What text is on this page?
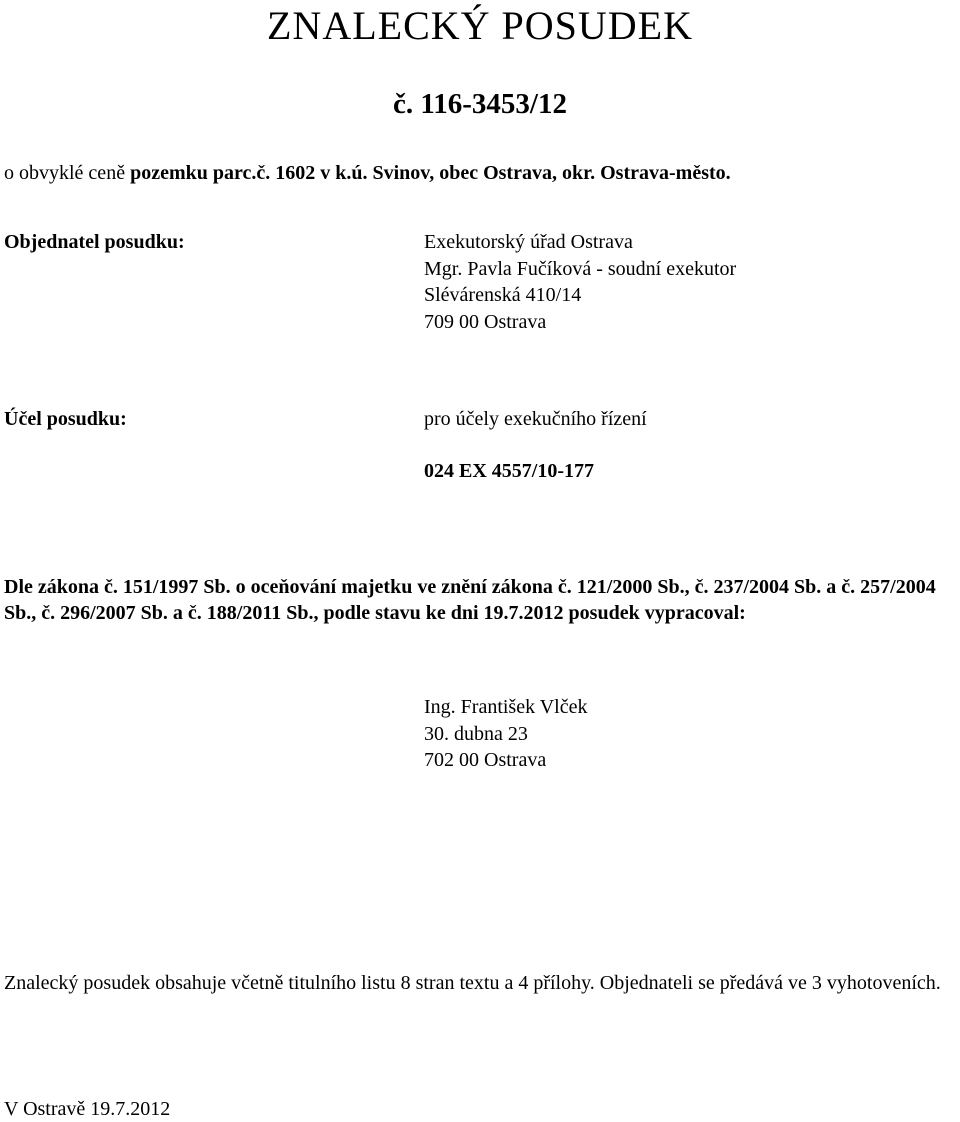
ZNALECKÝ POSUDEK
č. 116-3453/12
o obvyklé ceně pozemku parc.č. 1602 v k.ú. Svinov, obec Ostrava, okr. Ostrava-město.
Objednatel posudku:	Exekutorský úřad Ostrava
Mgr. Pavla Fučíková - soudní exekutor
Slévárenská 410/14
709 00 Ostrava
Účel posudku:	pro účely exekučního řízení
024 EX 4557/10-177
Dle zákona č. 151/1997 Sb. o oceňování majetku ve znění zákona č. 121/2000 Sb., č. 237/2004 Sb. a č. 257/2004 Sb., č. 296/2007 Sb. a č. 188/2011 Sb., podle stavu ke dni 19.7.2012 posudek vypracoval:
Ing. František Vlček
30. dubna 23
702 00 Ostrava
Znalecký posudek obsahuje včetně titulního listu 8 stran textu a 4 přílohy. Objednateli se předává ve 3 vyhotoveních.
V Ostravě 19.7.2012
